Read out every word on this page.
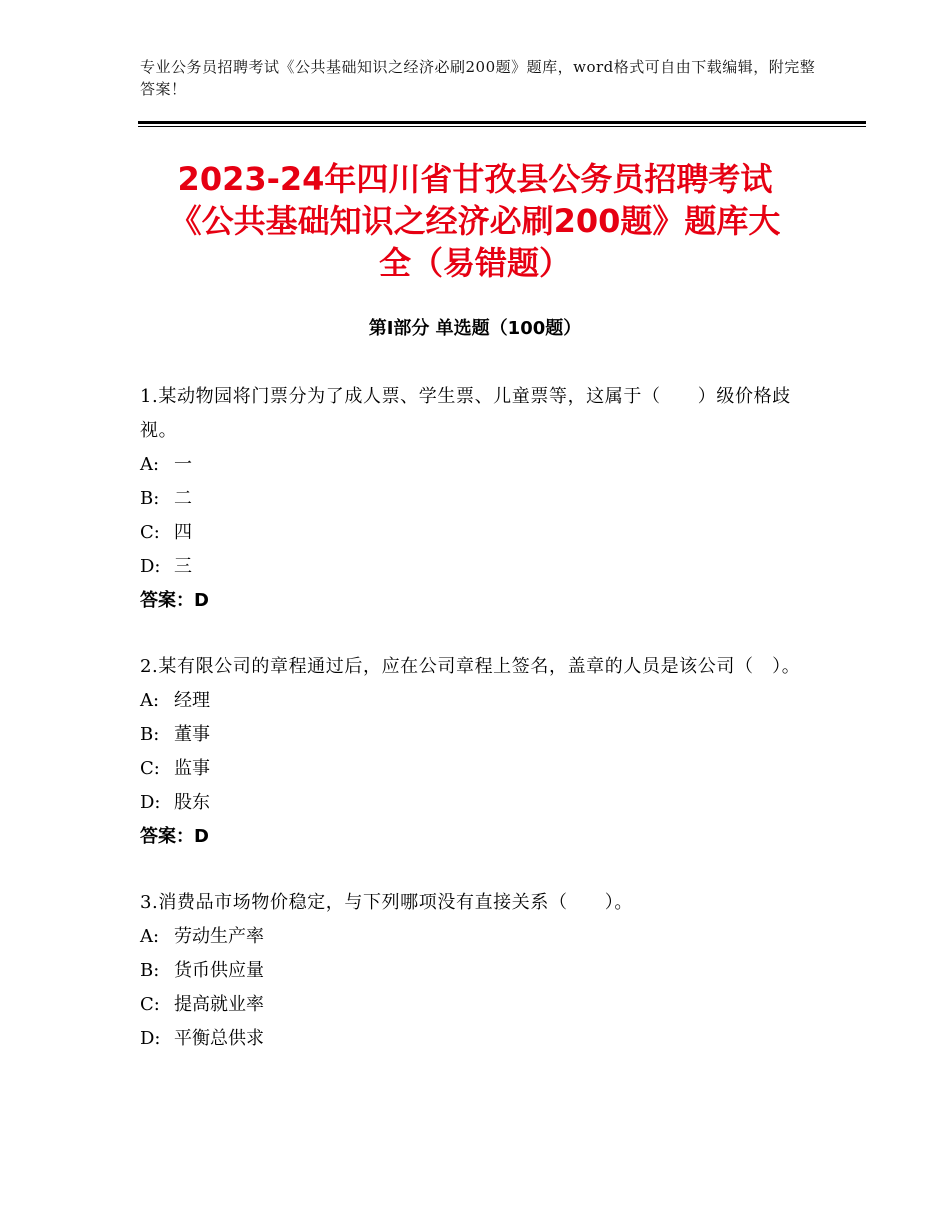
专业公务员招聘考试《公共基础知识之经济必刷200题》题库，word格式可自由下载编辑，附完整答案！
2023-24年四川省甘孜县公务员招聘考试
《公共基础知识之经济必刷200题》题库大
全（易错题）
第Ⅰ部分 单选题（100题）

1.某动物园将门票分为了成人票、学生票、儿童票等，这属于（　　）级价格歧视。

A: 一

B: 二

C: 四

D: 三

答案：D

2.某有限公司的章程通过后，应在公司章程上签名，盖章的人员是该公司（　）。

A: 经理

B: 董事

C: 监事

D: 股东

答案：D

3.消费品市场物价稳定，与下列哪项没有直接关系（　　）。

A: 劳动生产率

B: 货币供应量

C: 提高就业率

D: 平衡总供求
